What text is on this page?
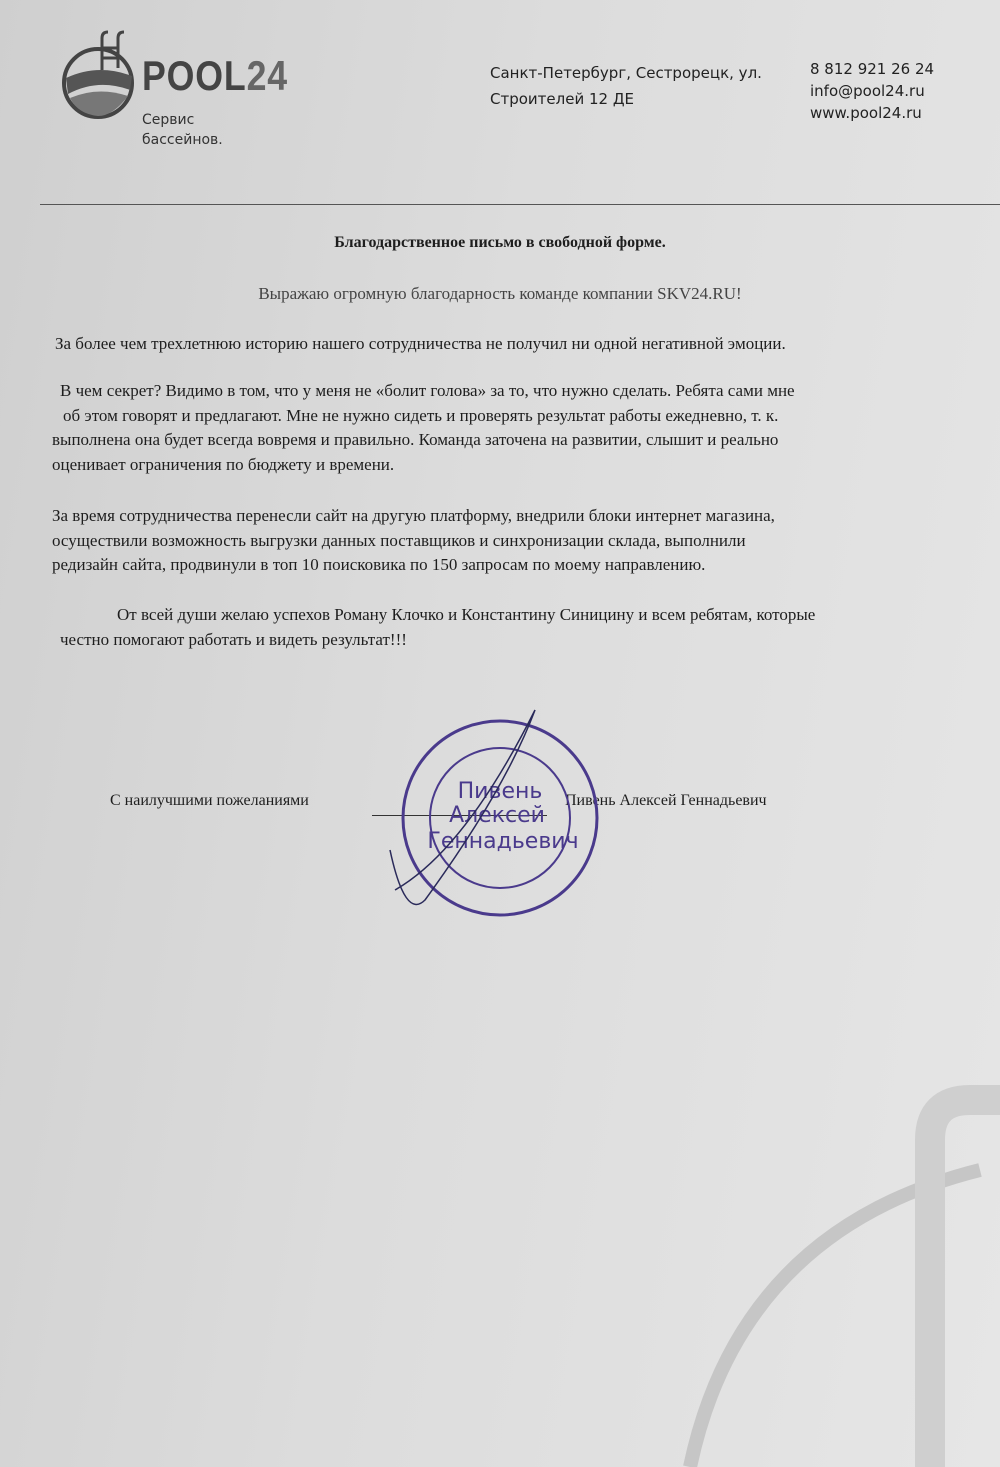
POOL24
Сервис
бассейнов.
Санкт-Петербург, Сестрорецк, ул.
Строителей 12 ДЕ
8 812 921 26 24
info@pool24.ru
www.pool24.ru
Благодарственное письмо в свободной форме.
Выражаю огромную благодарность команде компании SKV24.RU!
За более чем трехлетнюю историю нашего сотрудничества не получил ни одной негативной эмоции.
В чем секрет? Видимо в том, что у меня не «болит голова» за то, что нужно сделать. Ребята сами мне
об этом говорят и предлагают. Мне не нужно сидеть и проверять результат работы ежедневно, т. к.
выполнена она будет всегда вовремя и правильно. Команда заточена на развитии, слышит и реально
оценивает ограничения по бюджету и времени.
За время сотрудничества перенесли сайт на другую платформу, внедрили блоки интернет магазина,
осуществили возможность выгрузки данных поставщиков и синхронизации склада, выполнили
редизайн сайта, продвинули в топ 10 поисковика по 150 запросам по моему направлению.
От всей души желаю успехов Роману Клочко и Константину Синицину и всем ребятам, которые
честно помогают работать и видеть результат!!!
С наилучшими пожеланиями	Пивень Алексей Геннадьевич
Пивень
Алексей
Геннадьевич
